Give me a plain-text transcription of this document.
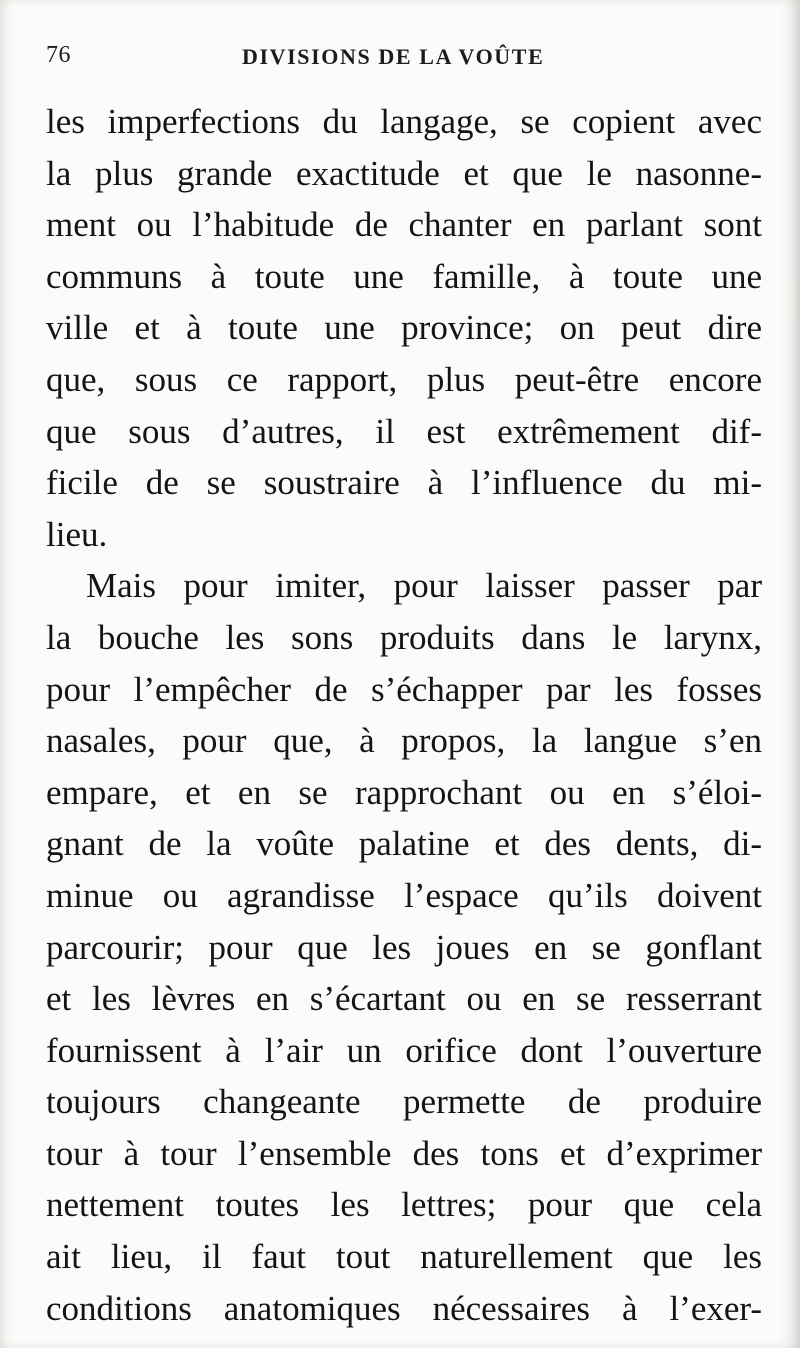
76	DIVISIONS DE LA VOÛTE
les imperfections du langage, se copient avec
la plus grande exactitude et que le nasonne-
ment ou l’habitude de chanter en parlant sont
communs à toute une famille, à toute une
ville et à toute une province; on peut dire
que, sous ce rapport, plus peut-être encore
que sous d’autres, il est extrêmement dif-
ficile de se soustraire à l’influence du mi-
lieu.
Mais pour imiter, pour laisser passer par
la bouche les sons produits dans le larynx,
pour l’empêcher de s’échapper par les fosses
nasales, pour que, à propos, la langue s’en
empare, et en se rapprochant ou en s’éloi-
gnant de la voûte palatine et des dents, di-
minue ou agrandisse l’espace qu’ils doivent
parcourir; pour que les joues en se gonflant
et les lèvres en s’écartant ou en se resserrant
fournissent à l’air un orifice dont l’ouverture
toujours changeante permette de produire
tour à tour l’ensemble des tons et d’exprimer
nettement toutes les lettres; pour que cela
ait lieu, il faut tout naturellement que les
conditions anatomiques nécessaires à l’exer-
